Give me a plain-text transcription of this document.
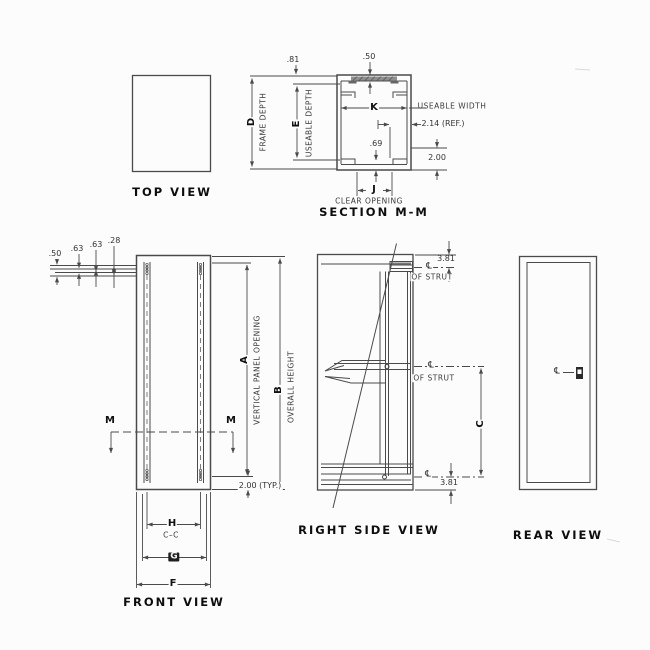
TOP VIEW
.81	.50
D FRAME DEPTH E USEABLE DEPTH	K	USEABLE WIDTH
2.14 (REF.)
.69
2.00
J
CLEAR OPENING
SECTION M-M
.50
.63 .63 .28
A VERTICAL PANEL OPENING B OVERALL HEIGHT
M	M
2.00 (TYP.)
H
C–C
G
F
FRONT VIEW
3.81
℄
OF STRUT
℄
OF STRUT
C
℄
3.81
RIGHT SIDE VIEW
℄
REAR VIEW
